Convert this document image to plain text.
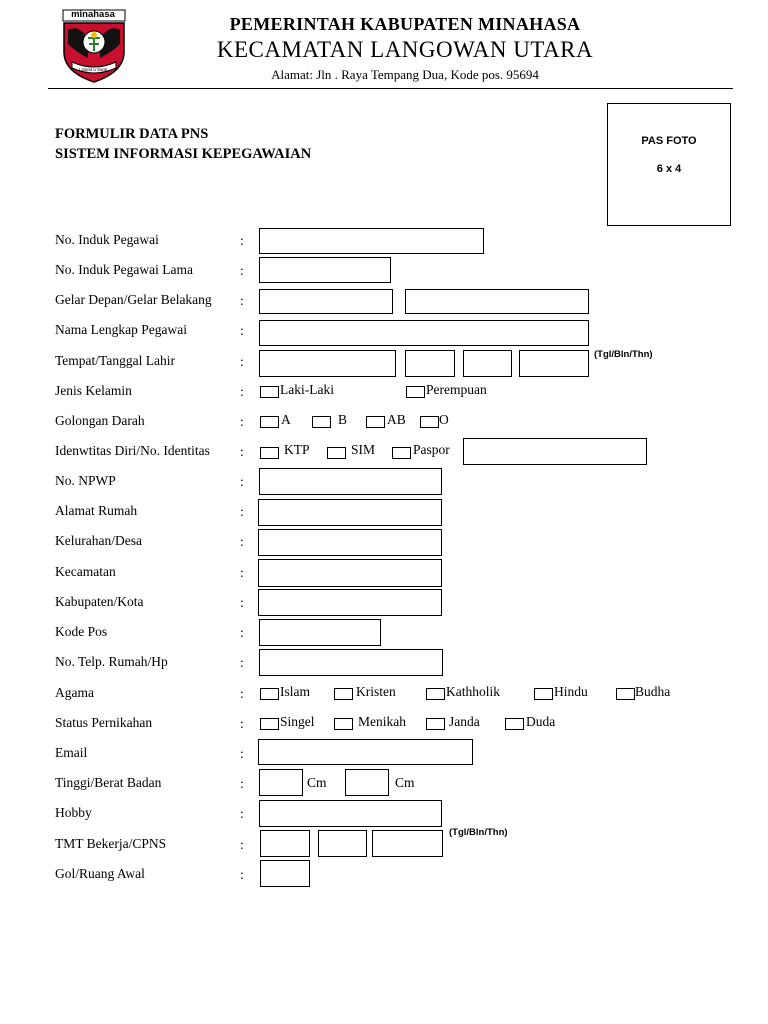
minahasa
I Jayat u Santi
PEMERINTAH KABUPATEN MINAHASA
KECAMATAN LANGOWAN UTARA
Alamat: Jln . Raya Tempang Dua, Kode pos. 95694
FORMULIR DATA PNS
SISTEM INFORMASI KEPEGAWAIAN
PAS FOTO
6 x 4
No. Induk Pegawai	:
No. Induk Pegawai Lama	:
Gelar Depan/Gelar Belakang :
Nama Lengkap Pegawai	:
Tempat/Tanggal Lahir	:	(Tgl/Bln/Thn)
Jenis Kelamin	:	Laki-Laki	Perempuan
Golongan Darah	:	A	B	AB O
Idenwtitas Diri/No. Identitas :	KTP	SIM	Paspor
No. NPWP	:
Alamat Rumah	:
Kelurahan/Desa	:
Kecamatan	:
Kabupaten/Kota	:
Kode Pos	:
No. Telp. Rumah/Hp	:
Agama	:	Islam	Kristen	Kathholik	Hindu	Budha
Status Pernikahan	:	Singel	Menikah	Janda	Duda
Email	:
Tinggi/Berat Badan	:	Cm	Cm
Hobby	:
TMT Bekerja/CPNS	:
(Tgl/Bln/Thn)
Gol/Ruang Awal	:
